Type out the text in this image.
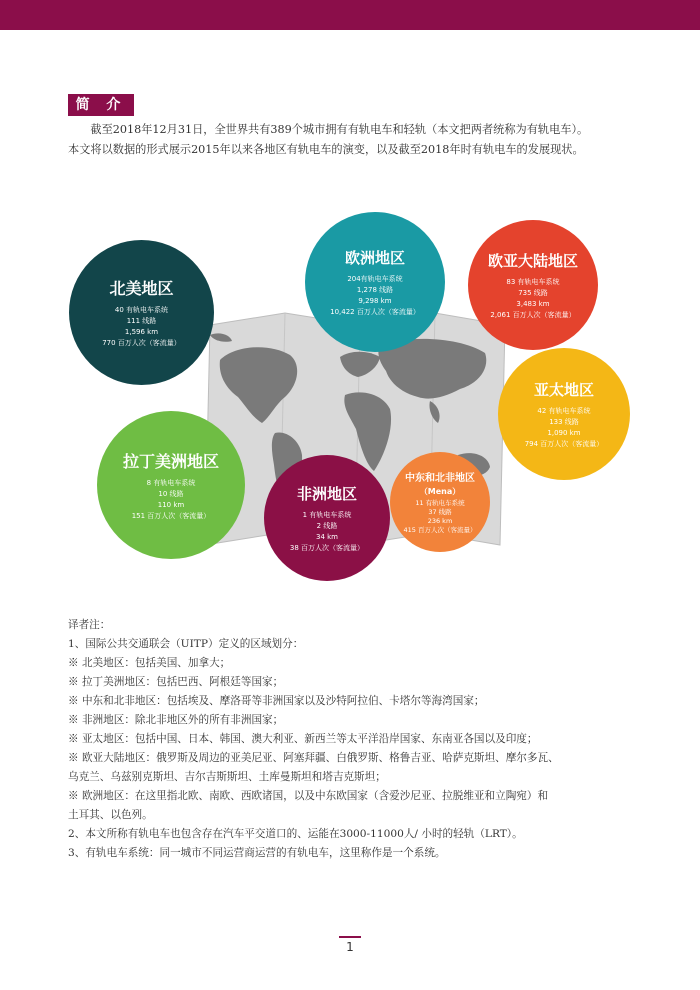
简 介

截至2018年12月31日，全世界共有389个城市拥有有轨电车和轻轨（本文把两者统称为有轨电车）。

本文将以数据的形式展示2015年以来各地区有轨电车的演变，以及截至2018年时有轨电车的发展现状。

北美地区
40 有轨电车系统
111 线路
1,596 km
770 百万人次（客流量）
欧洲地区
204有轨电车系统
1,278 线路
9,298 km
10,422 百万人次（客流量）
欧亚大陆地区
83 有轨电车系统
735 线路
3,483 km
2,061 百万人次（客流量）
亚太地区
42 有轨电车系统
133 线路
1,090 km
794 百万人次（客流量）
拉丁美洲地区
8 有轨电车系统
10 线路
110 km
151 百万人次（客流量）
非洲地区
1 有轨电车系统
2 线路
34 km
38 百万人次（客流量）
中东和北非地区
（Mena）
11 有轨电车系统
37 线路
236 km
415 百万人次（客流量）
译者注：
1、国际公共交通联会（UITP）定义的区域划分：
※ 北美地区：包括美国、加拿大；
※ 拉丁美洲地区：包括巴西、阿根廷等国家；
※ 中东和北非地区：包括埃及、摩洛哥等非洲国家以及沙特阿拉伯、卡塔尔等海湾国家；
※ 非洲地区：除北非地区外的所有非洲国家；
※ 亚太地区：包括中国、日本、韩国、澳大利亚、新西兰等太平洋沿岸国家、东南亚各国以及印度；
※ 欧亚大陆地区：俄罗斯及周边的亚美尼亚、阿塞拜疆、白俄罗斯、格鲁吉亚、哈萨克斯坦、摩尔多瓦、
乌克兰、乌兹别克斯坦、吉尔吉斯斯坦、土库曼斯坦和塔吉克斯坦；
※ 欧洲地区：在这里指北欧、南欧、西欧诸国，以及中东欧国家（含爱沙尼亚、拉脱维亚和立陶宛）和
土耳其、以色列。
2、本文所称有轨电车也包含存在汽车平交道口的、运能在3000-11000人/ 小时的轻轨（LRT）。
3、有轨电车系统：同一城市不同运营商运营的有轨电车，这里称作是一个系统。
1
